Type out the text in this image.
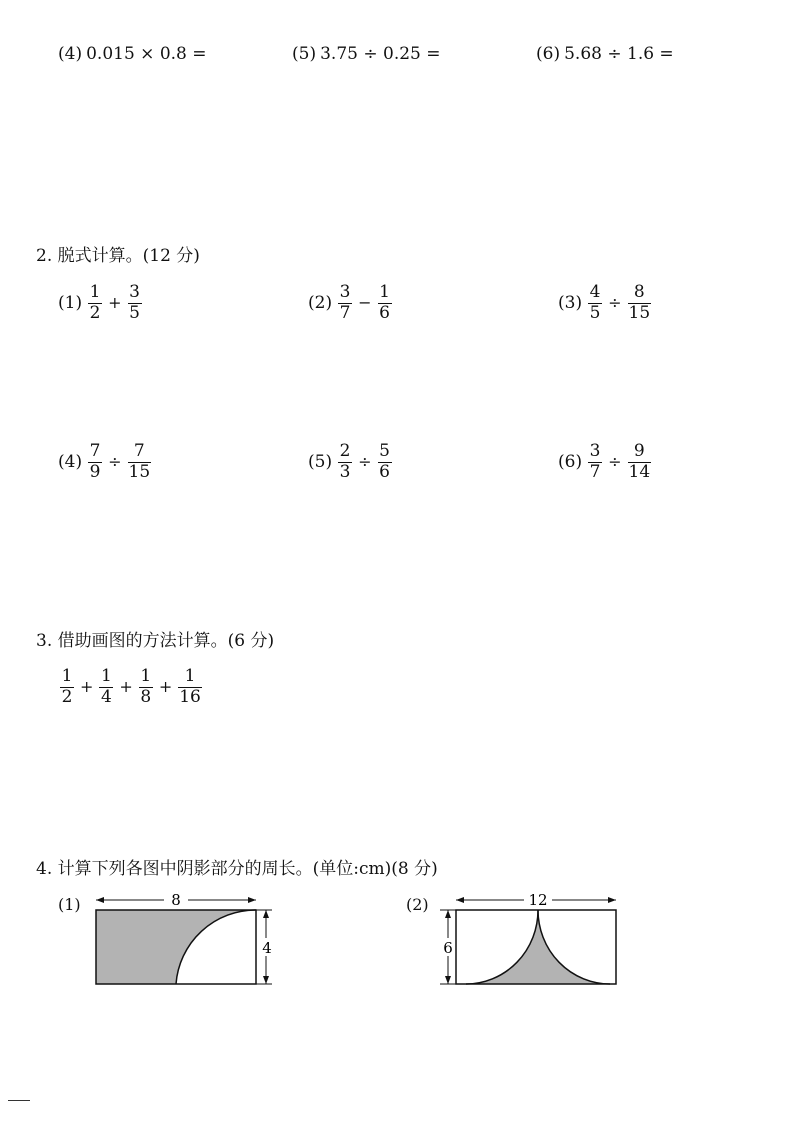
(4) 0.015 × 0.8 =	(5) 3.75 ÷ 0.25 =	(6) 5.68 ÷ 1.6 =
2. 脱式计算。(12 分)
$(1) \frac{1}{2} + \frac{3}{5}$	$(2) \frac{3}{7} - \frac{1}{6}$	$(3) \frac{4}{5} \div \frac{8}{15}$
$(4) \frac{7}{9} \div \frac{7}{15}$	$(5) \frac{2}{3} \div \frac{5}{6}$	$(6) \frac{3}{7} \div \frac{9}{14}$
3. 借助画图的方法计算。(6 分)
$\frac{1}{2} + \frac{1}{4} + \frac{1}{8} + \frac{1}{16}$
4. 计算下列各图中阴影部分的周长。(单位:cm)(8 分)
(1)	8
4
(2)	12
6
